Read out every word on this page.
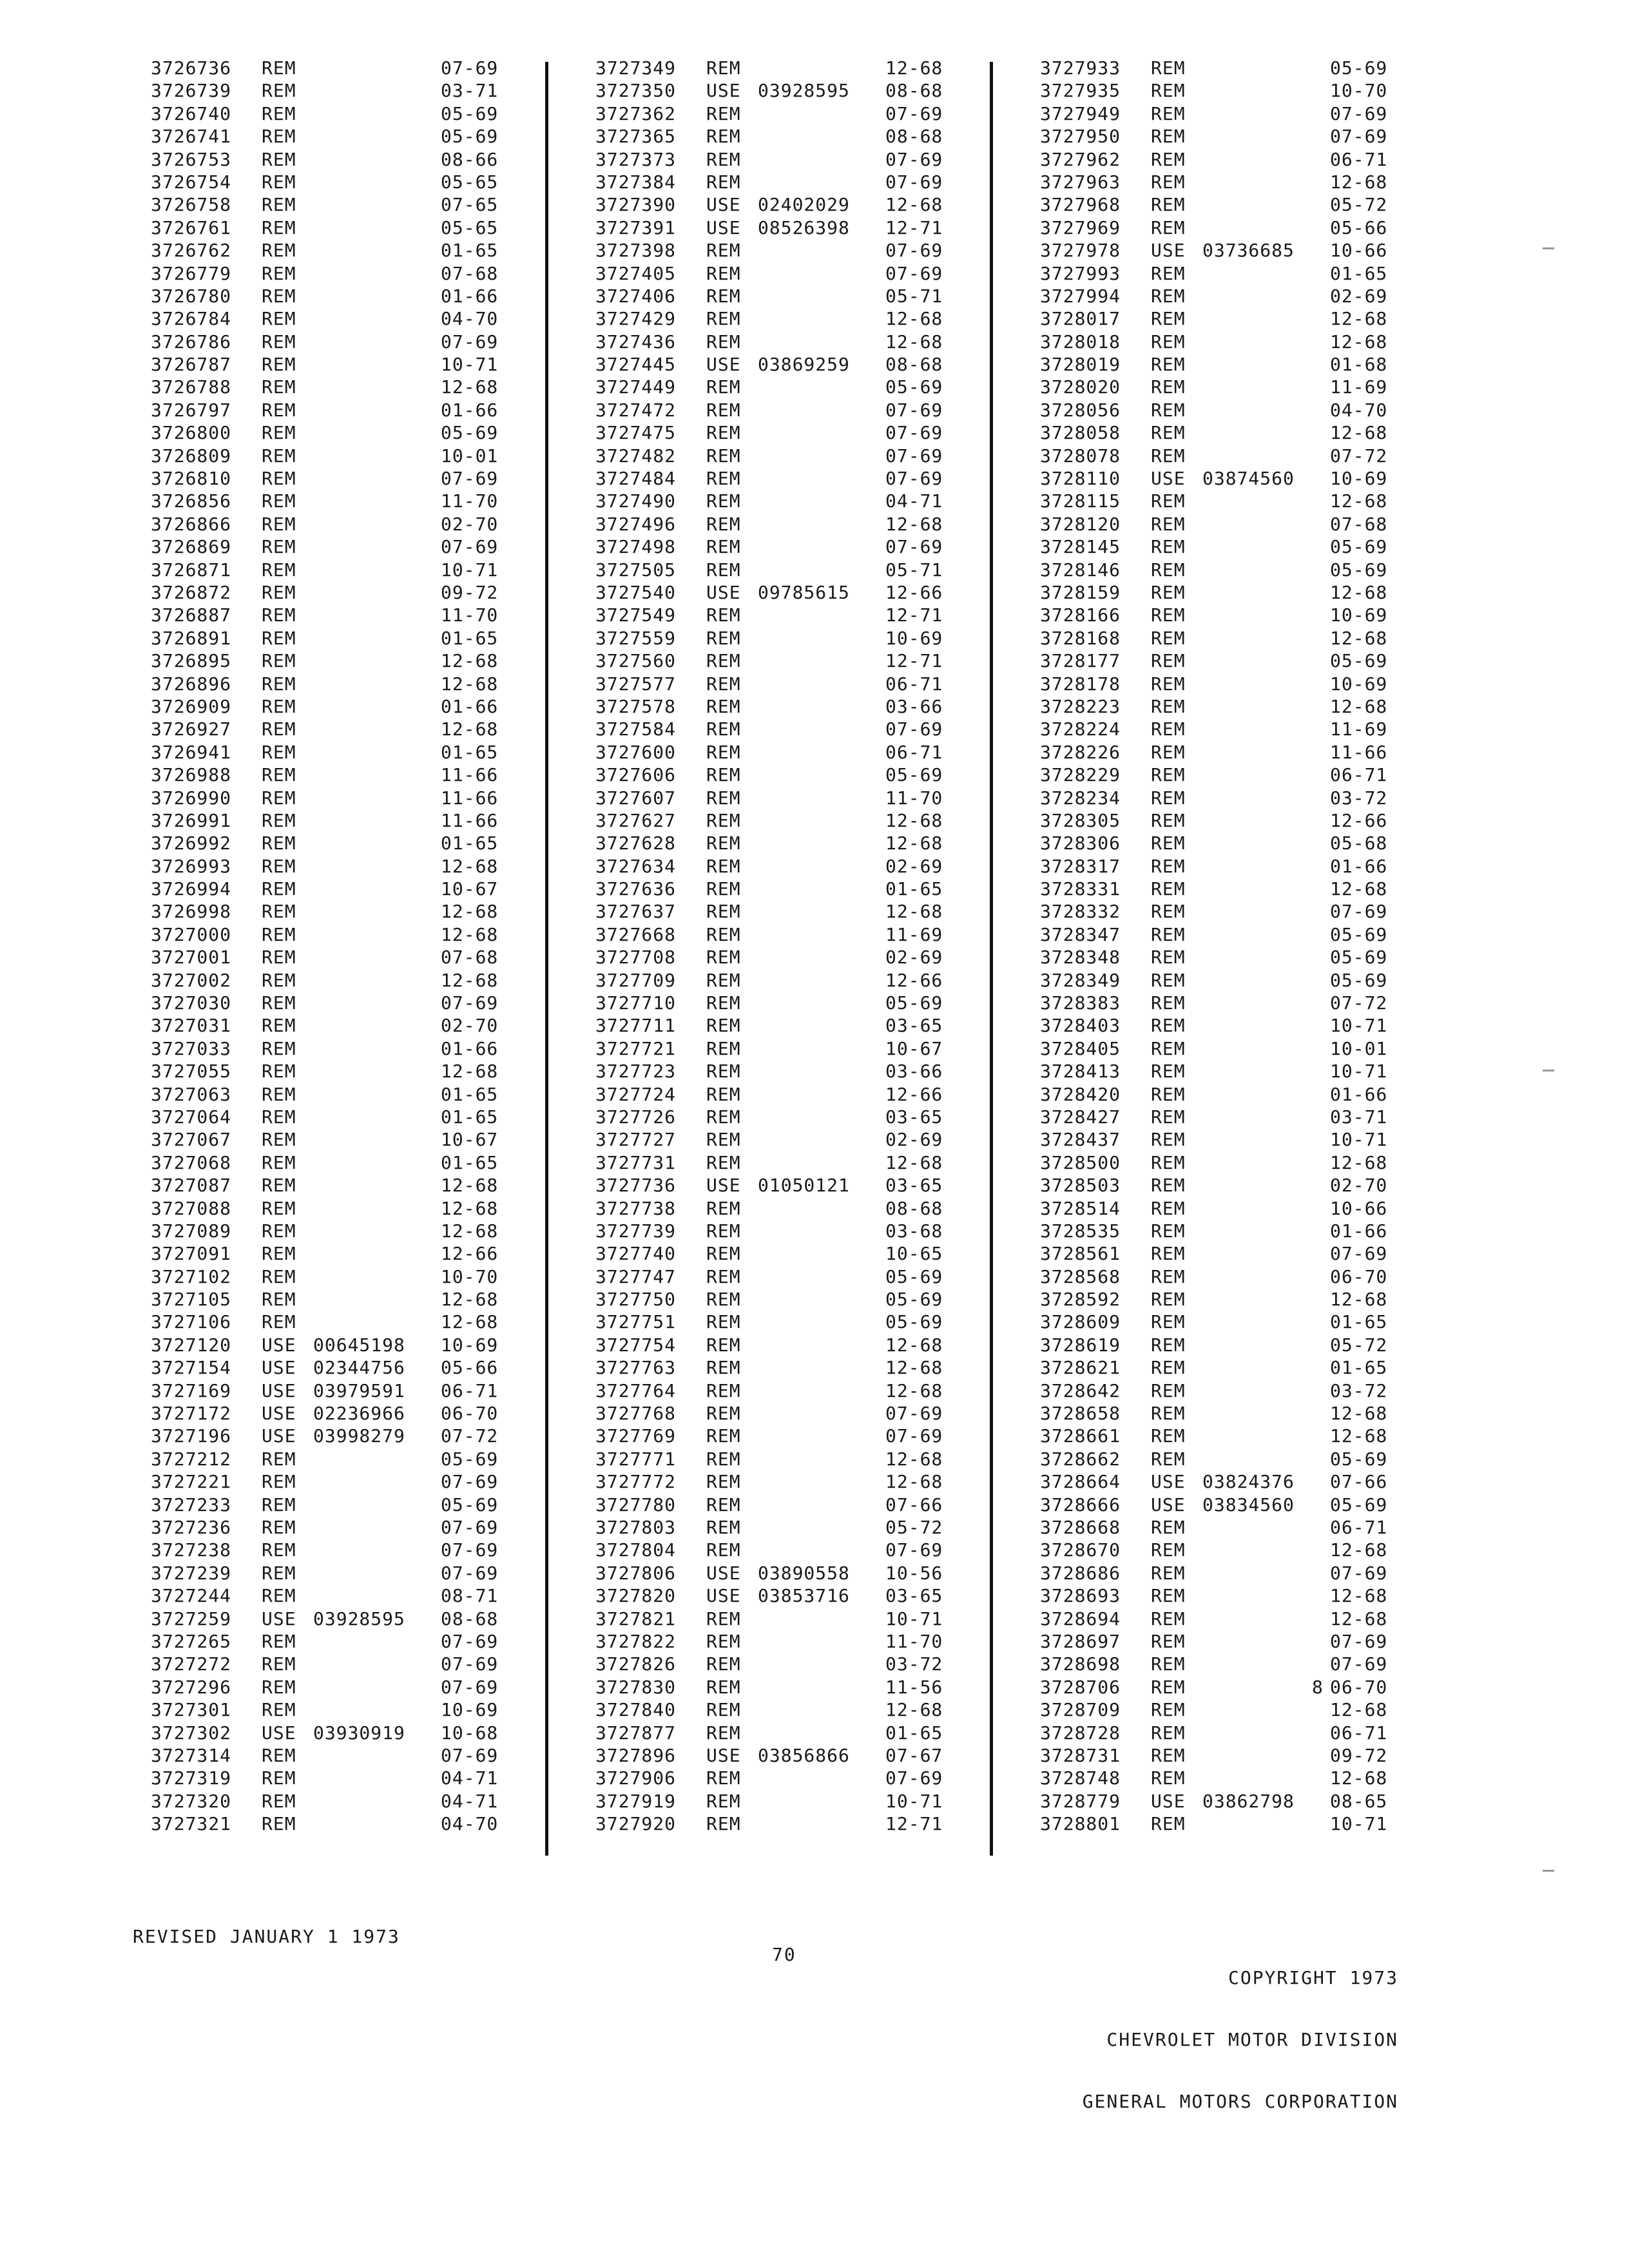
3726736 REM	07-69
3726739 REM	03-71
3726740 REM	05-69
3726741 REM	05-69
3726753 REM	08-66
3726754 REM	05-65
3726758 REM	07-65
3726761 REM	05-65
3726762 REM	01-65
3726779 REM	07-68
3726780 REM	01-66
3726784 REM	04-70
3726786 REM	07-69
3726787 REM	10-71
3726788 REM	12-68
3726797 REM	01-66
3726800 REM	05-69
3726809 REM	10-01
3726810 REM	07-69
3726856 REM	11-70
3726866 REM	02-70
3726869 REM	07-69
3726871 REM	10-71
3726872 REM	09-72
3726887 REM	11-70
3726891 REM	01-65
3726895 REM	12-68
3726896 REM	12-68
3726909 REM	01-66
3726927 REM	12-68
3726941 REM	01-65
3726988 REM	11-66
3726990 REM	11-66
3726991 REM	11-66
3726992 REM	01-65
3726993 REM	12-68
3726994 REM	10-67
3726998 REM	12-68
3727000 REM	12-68
3727001 REM	07-68
3727002 REM	12-68
3727030 REM	07-69
3727031 REM	02-70
3727033 REM	01-66
3727055 REM	12-68
3727063 REM	01-65
3727064 REM	01-65
3727067 REM	10-67
3727068 REM	01-65
3727087 REM	12-68
3727088 REM	12-68
3727089 REM	12-68
3727091 REM	12-66
3727102 REM	10-70
3727105 REM	12-68
3727106 REM	12-68
3727120 USE 00645198 10-69
3727154 USE 02344756 05-66
3727169 USE 03979591 06-71
3727172 USE 02236966 06-70
3727196 USE 03998279 07-72
3727212 REM	05-69
3727221 REM	07-69
3727233 REM	05-69
3727236 REM	07-69
3727238 REM	07-69
3727239 REM	07-69
3727244 REM	08-71
3727259 USE 03928595 08-68
3727265 REM	07-69
3727272 REM	07-69
3727296 REM	07-69
3727301 REM	10-69
3727302 USE 03930919 10-68
3727314 REM	07-69
3727319 REM	04-71
3727320 REM	04-71
3727321 REM	04-70
3727349 REM	12-68
3727350 USE 03928595 08-68
3727362 REM	07-69
3727365 REM	08-68
3727373 REM	07-69
3727384 REM	07-69
3727390 USE 02402029 12-68
3727391 USE 08526398 12-71
3727398 REM	07-69
3727405 REM	07-69
3727406 REM	05-71
3727429 REM	12-68
3727436 REM	12-68
3727445 USE 03869259 08-68
3727449 REM	05-69
3727472 REM	07-69
3727475 REM	07-69
3727482 REM	07-69
3727484 REM	07-69
3727490 REM	04-71
3727496 REM	12-68
3727498 REM	07-69
3727505 REM	05-71
3727540 USE 09785615 12-66
3727549 REM	12-71
3727559 REM	10-69
3727560 REM	12-71
3727577 REM	06-71
3727578 REM	03-66
3727584 REM	07-69
3727600 REM	06-71
3727606 REM	05-69
3727607 REM	11-70
3727627 REM	12-68
3727628 REM	12-68
3727634 REM	02-69
3727636 REM	01-65
3727637 REM	12-68
3727668 REM	11-69
3727708 REM	02-69
3727709 REM	12-66
3727710 REM	05-69
3727711 REM	03-65
3727721 REM	10-67
3727723 REM	03-66
3727724 REM	12-66
3727726 REM	03-65
3727727 REM	02-69
3727731 REM	12-68
3727736 USE 01050121 03-65
3727738 REM	08-68
3727739 REM	03-68
3727740 REM	10-65
3727747 REM	05-69
3727750 REM	05-69
3727751 REM	05-69
3727754 REM	12-68
3727763 REM	12-68
3727764 REM	12-68
3727768 REM	07-69
3727769 REM	07-69
3727771 REM	12-68
3727772 REM	12-68
3727780 REM	07-66
3727803 REM	05-72
3727804 REM	07-69
3727806 USE 03890558 10-56
3727820 USE 03853716 03-65
3727821 REM	10-71
3727822 REM	11-70
3727826 REM	03-72
3727830 REM	11-56
3727840 REM	12-68
3727877 REM	01-65
3727896 USE 03856866 07-67
3727906 REM	07-69
3727919 REM	10-71
3727920 REM	12-71
3727933 REM	05-69
3727935 REM	10-70
3727949 REM	07-69
3727950 REM	07-69
3727962 REM	06-71
3727963 REM	12-68
3727968 REM	05-72
3727969 REM	05-66
3727978 USE 03736685 10-66
3727993 REM	01-65
3727994 REM	02-69
3728017 REM	12-68
3728018 REM	12-68
3728019 REM	01-68
3728020 REM	11-69
3728056 REM	04-70
3728058 REM	12-68
3728078 REM	07-72
3728110 USE 03874560 10-69
3728115 REM	12-68
3728120 REM	07-68
3728145 REM	05-69
3728146 REM	05-69
3728159 REM	12-68
3728166 REM	10-69
3728168 REM	12-68
3728177 REM	05-69
3728178 REM	10-69
3728223 REM	12-68
3728224 REM	11-69
3728226 REM	11-66
3728229 REM	06-71
3728234 REM	03-72
3728305 REM	12-66
3728306 REM	05-68
3728317 REM	01-66
3728331 REM	12-68
3728332 REM	07-69
3728347 REM	05-69
3728348 REM	05-69
3728349 REM	05-69
3728383 REM	07-72
3728403 REM	10-71
3728405 REM	10-01
3728413 REM	10-71
3728420 REM	01-66
3728427 REM	03-71
3728437 REM	10-71
3728500 REM	12-68
3728503 REM	02-70
3728514 REM	10-66
3728535 REM	01-66
3728561 REM	07-69
3728568 REM	06-70
3728592 REM	12-68
3728609 REM	01-65
3728619 REM	05-72
3728621 REM	01-65
3728642 REM	03-72
3728658 REM	12-68
3728661 REM	12-68
3728662 REM	05-69
3728664 USE 03824376 07-66
3728666 USE 03834560 05-69
3728668 REM	06-71
3728670 REM	12-68
3728686 REM	07-69
3728693 REM	12-68
3728694 REM	12-68
3728697 REM	07-69
3728698 REM	07-69
3728706 REM	8 06-70
3728709 REM	12-68
3728728 REM	06-71
3728731 REM	09-72
3728748 REM	12-68
3728779 USE 03862798 08-65
3728801 REM	10-71
REVISED JANUARY 1 1973
70

COPYRIGHT 1973

CHEVROLET MOTOR DIVISION

GENERAL MOTORS CORPORATION
